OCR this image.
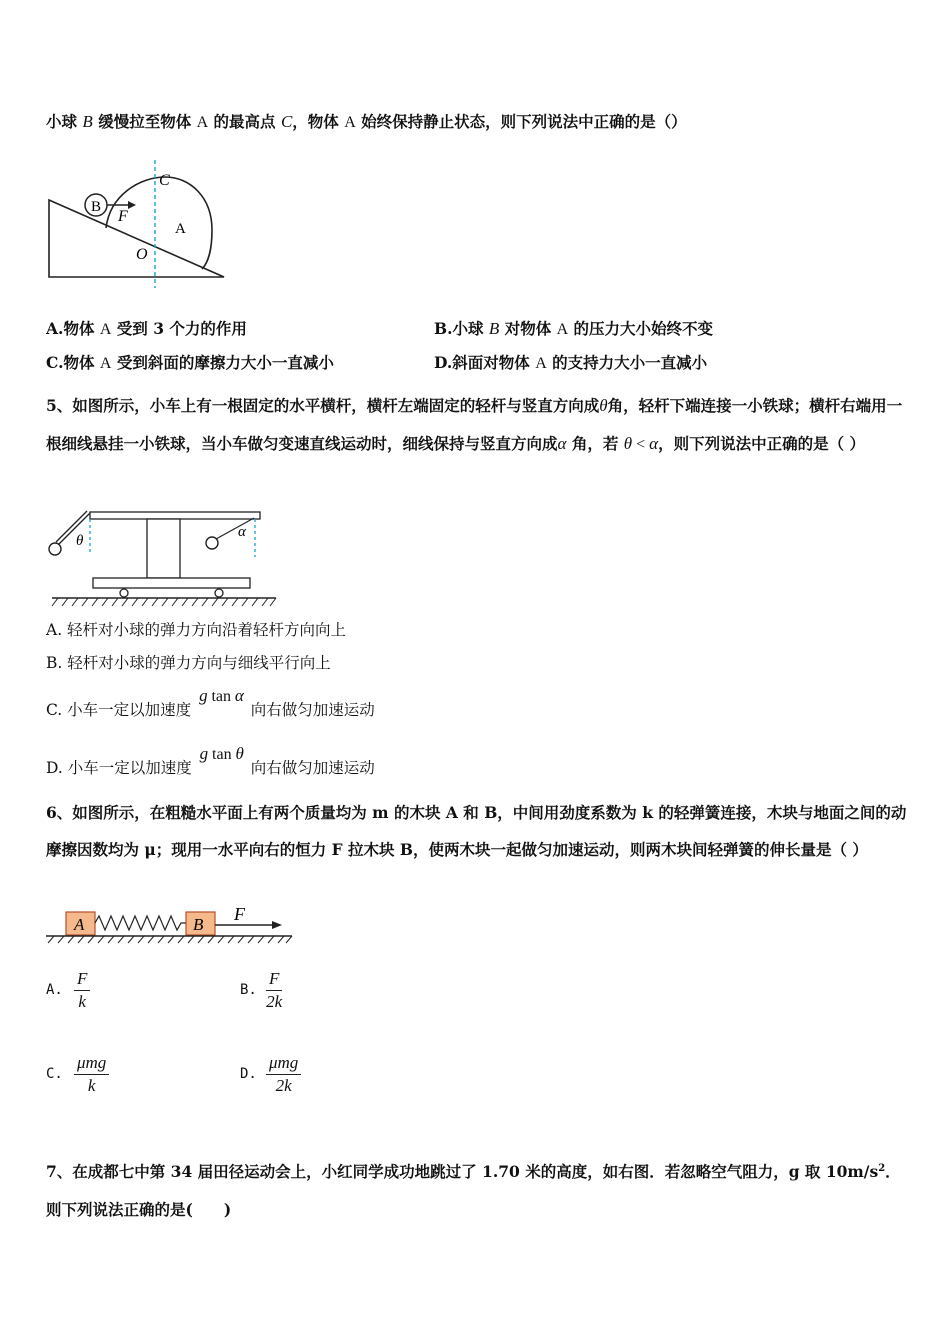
小球 B 缓慢拉至物体 A 的最高点 C，物体 A 始终保持静止状态，则下列说法中正确的是（）
B
F
C
A
O
A.物体 A 受到 3 个力的作用	B.小球 B 对物体 A 的压力大小始终不变
C.物体 A 受到斜面的摩擦力大小一直减小	D.斜面对物体 A 的支持力大小一直减小
5、如图所示，小车上有一根固定的水平横杆，横杆左端固定的轻杆与竖直方向成θ角，轻杆下端连接一小铁球；横杆右端用一根细线悬挂一小铁球，当小车做匀变速直线运动时，细线保持与竖直方向成α 角，若 θ < α，则下列说法中正确的是（ ）
θ
α
A. 轻杆对小球的弹力方向沿着轻杆方向向上
B. 轻杆对小球的弹力方向与细线平行向上
C. 小车一定以加速度 g tan α 向右做匀加速运动
D. 小车一定以加速度 g tan θ 向右做匀加速运动
6、如图所示，在粗糙水平面上有两个质量均为 m 的木块 A 和 B，中间用劲度系数为 k 的轻弹簧连接，木块与地面之间的动摩擦因数均为 μ；现用一水平向右的恒力 F 拉木块 B，使两木块一起做匀加速运动，则两木块间轻弹簧的伸长量是（ ）
A	B
F
A. $\frac{F}{k}$	B. $\frac{F}{2k}$
C. $\frac{\text{μmg}}{k}$	D. $\frac{\text{μmg}}{2k}$
7、在成都七中第 34 届田径运动会上，小红同学成功地跳过了 1.70 米的高度，如右图．若忽略空气阻力，g 取 $10m/s^2$．则下列说法正确的是(　　)
